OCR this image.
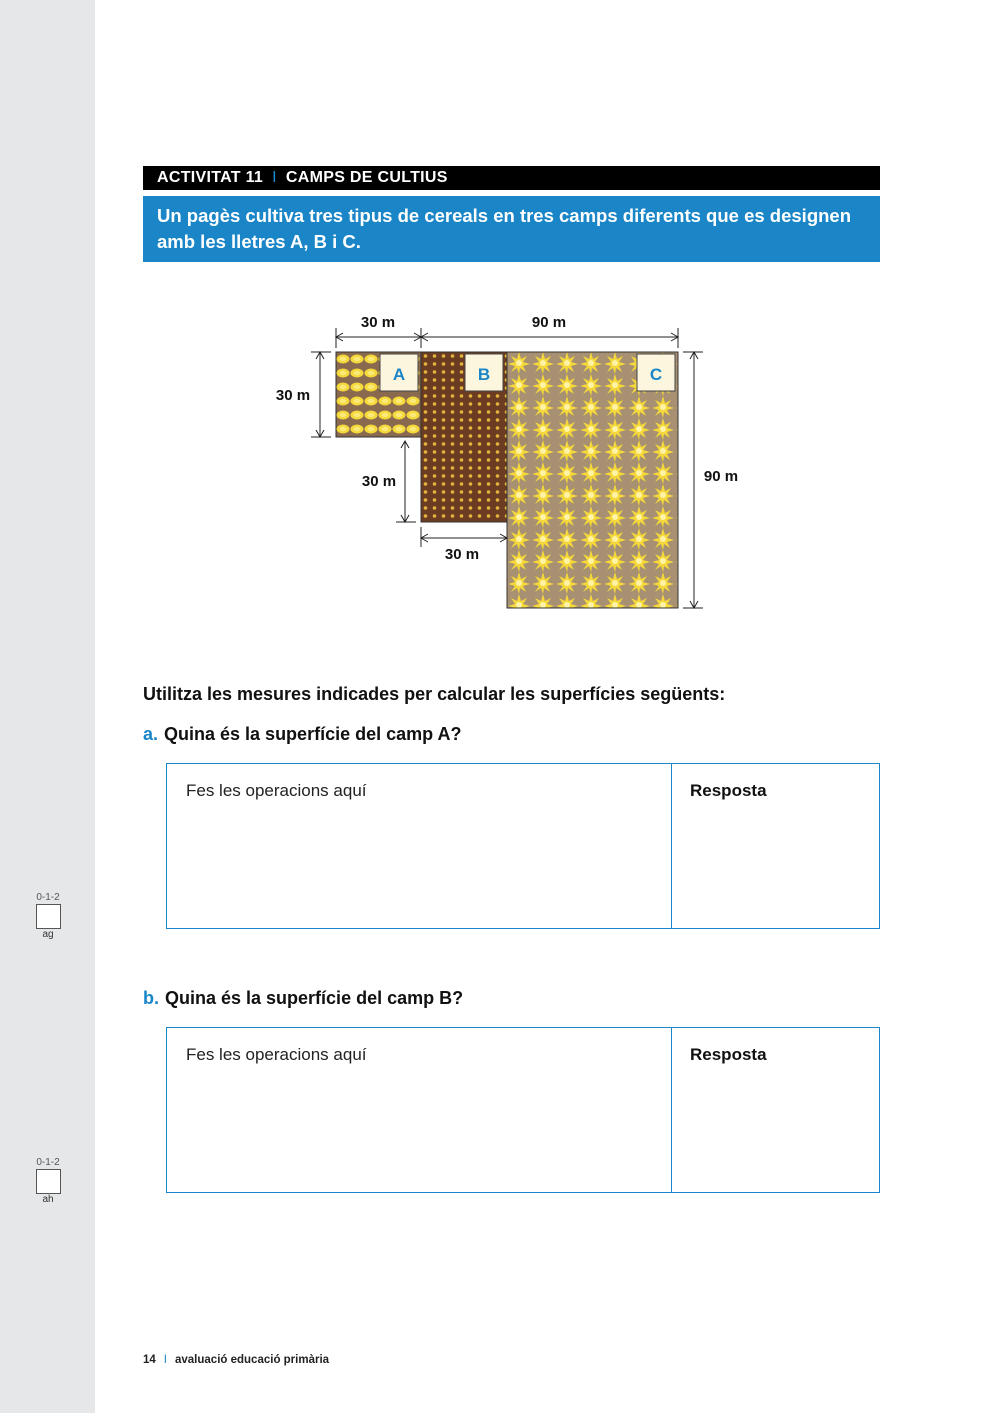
0-1-2
ag
0-1-2
ah
ACTIVITAT 11 I CAMPS DE CULTIUS
Un pagès cultiva tres tipus de cereals en tres camps diferents que es designen amb les lletres A, B i C.
A	B	C
30 m	90 m
30 m
30 m
30 m
90 m
Utilitza les mesures indicades per calcular les superfícies següents:
a. Quina és la superfície del camp A?
Fes les operacions aquí	Resposta
b. Quina és la superfície del camp B?
Fes les operacions aquí	Resposta
14 I avaluació educació primària
